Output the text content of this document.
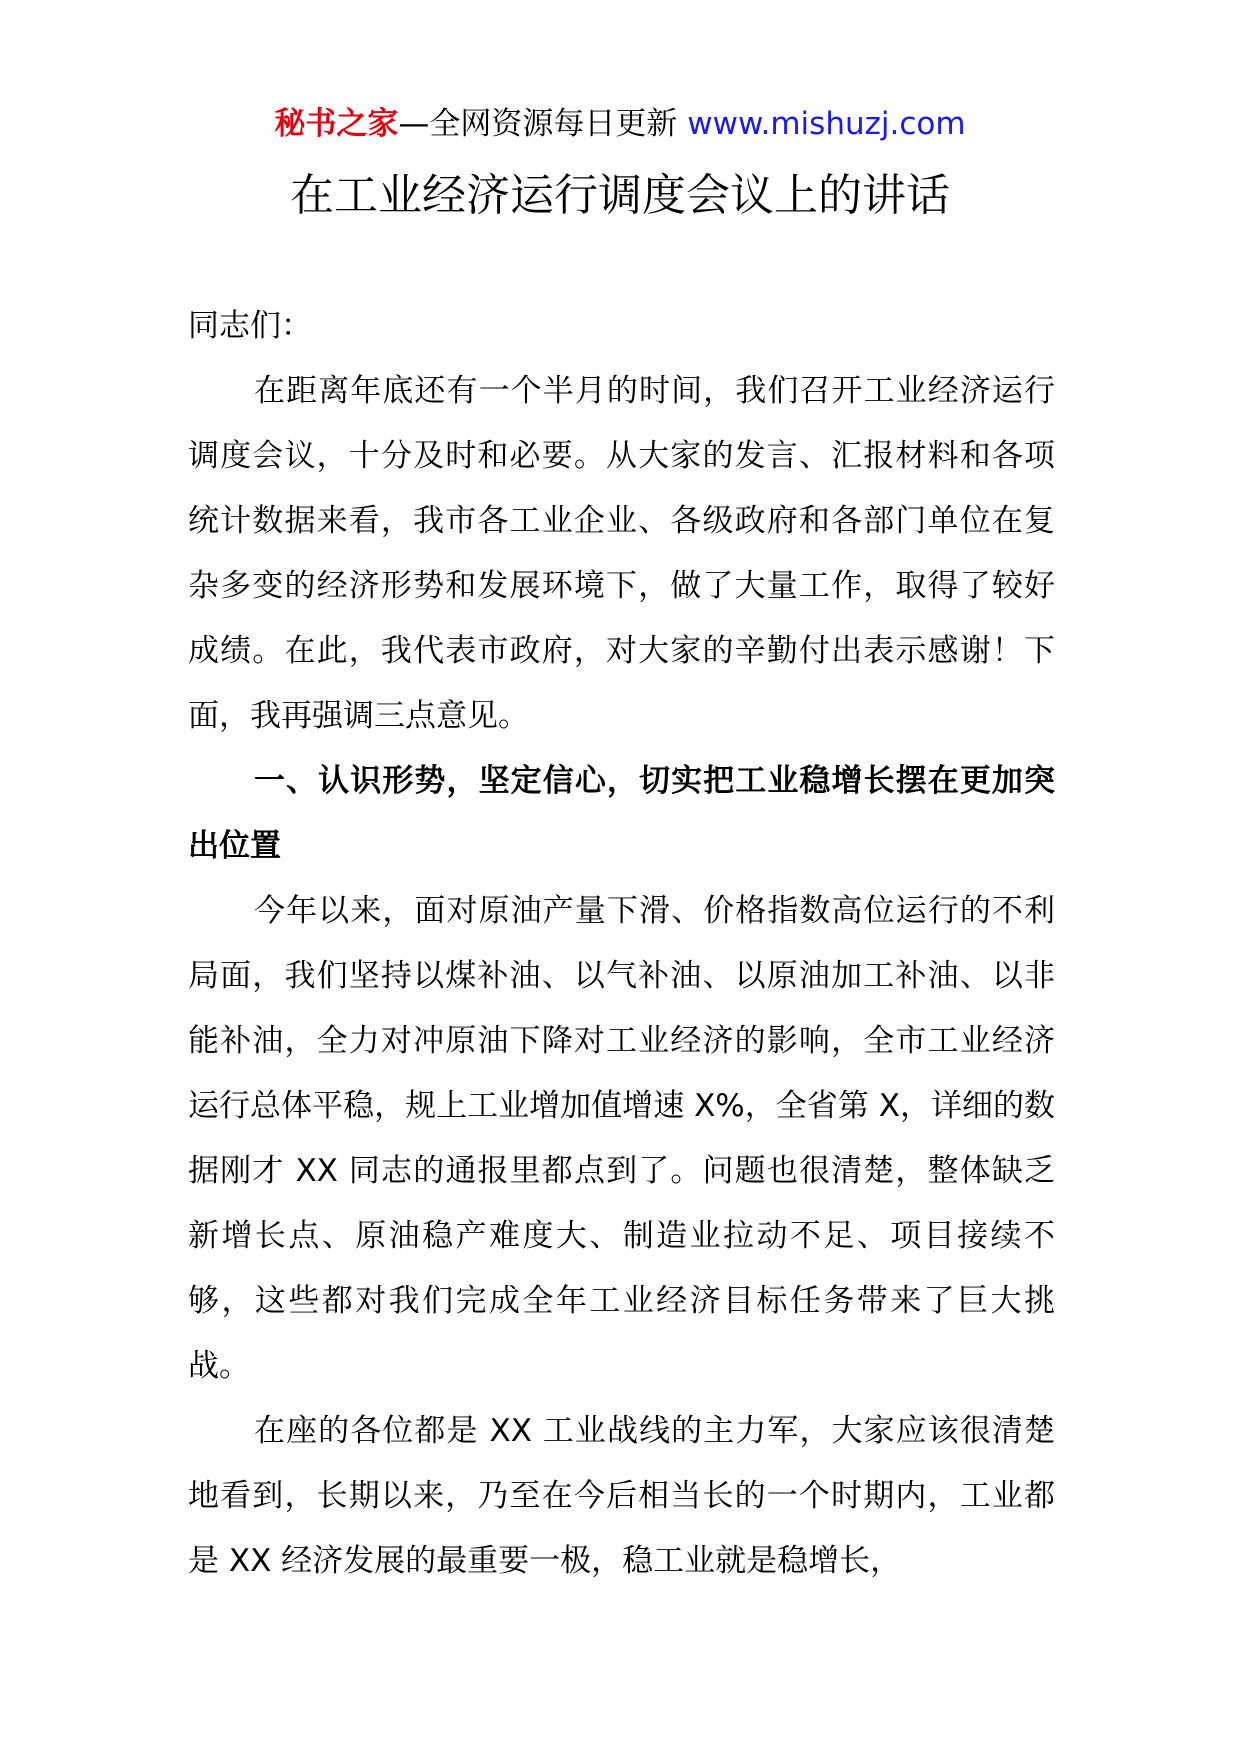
秘书之家—全网资源每日更新 www.mishuzj.com
在工业经济运行调度会议上的讲话

同志们：

在距离年底还有一个半月的时间，我们召开工业经济运行调度会议，十分及时和必要。从大家的发言、汇报材料和各项统计数据来看，我市各工业企业、各级政府和各部门单位在复杂多变的经济形势和发展环境下，做了大量工作，取得了较好成绩。在此，我代表市政府，对大家的辛勤付出表示感谢！下面，我再强调三点意见。

一、认识形势，坚定信心，切实把工业稳增长摆在更加突出位置

今年以来，面对原油产量下滑、价格指数高位运行的不利局面，我们坚持以煤补油、以气补油、以原油加工补油、以非能补油，全力对冲原油下降对工业经济的影响，全市工业经济运行总体平稳，规上工业增加值增速 X%，全省第 X，详细的数据刚才 XX 同志的通报里都点到了。问题也很清楚，整体缺乏新增长点、原油稳产难度大、制造业拉动不足、项目接续不够，这些都对我们完成全年工业经济目标任务带来了巨大挑战。

在座的各位都是 XX 工业战线的主力军，大家应该很清楚地看到，长期以来，乃至在今后相当长的一个时期内，工业都是 XX 经济发展的最重要一极，稳工业就是稳增长，
